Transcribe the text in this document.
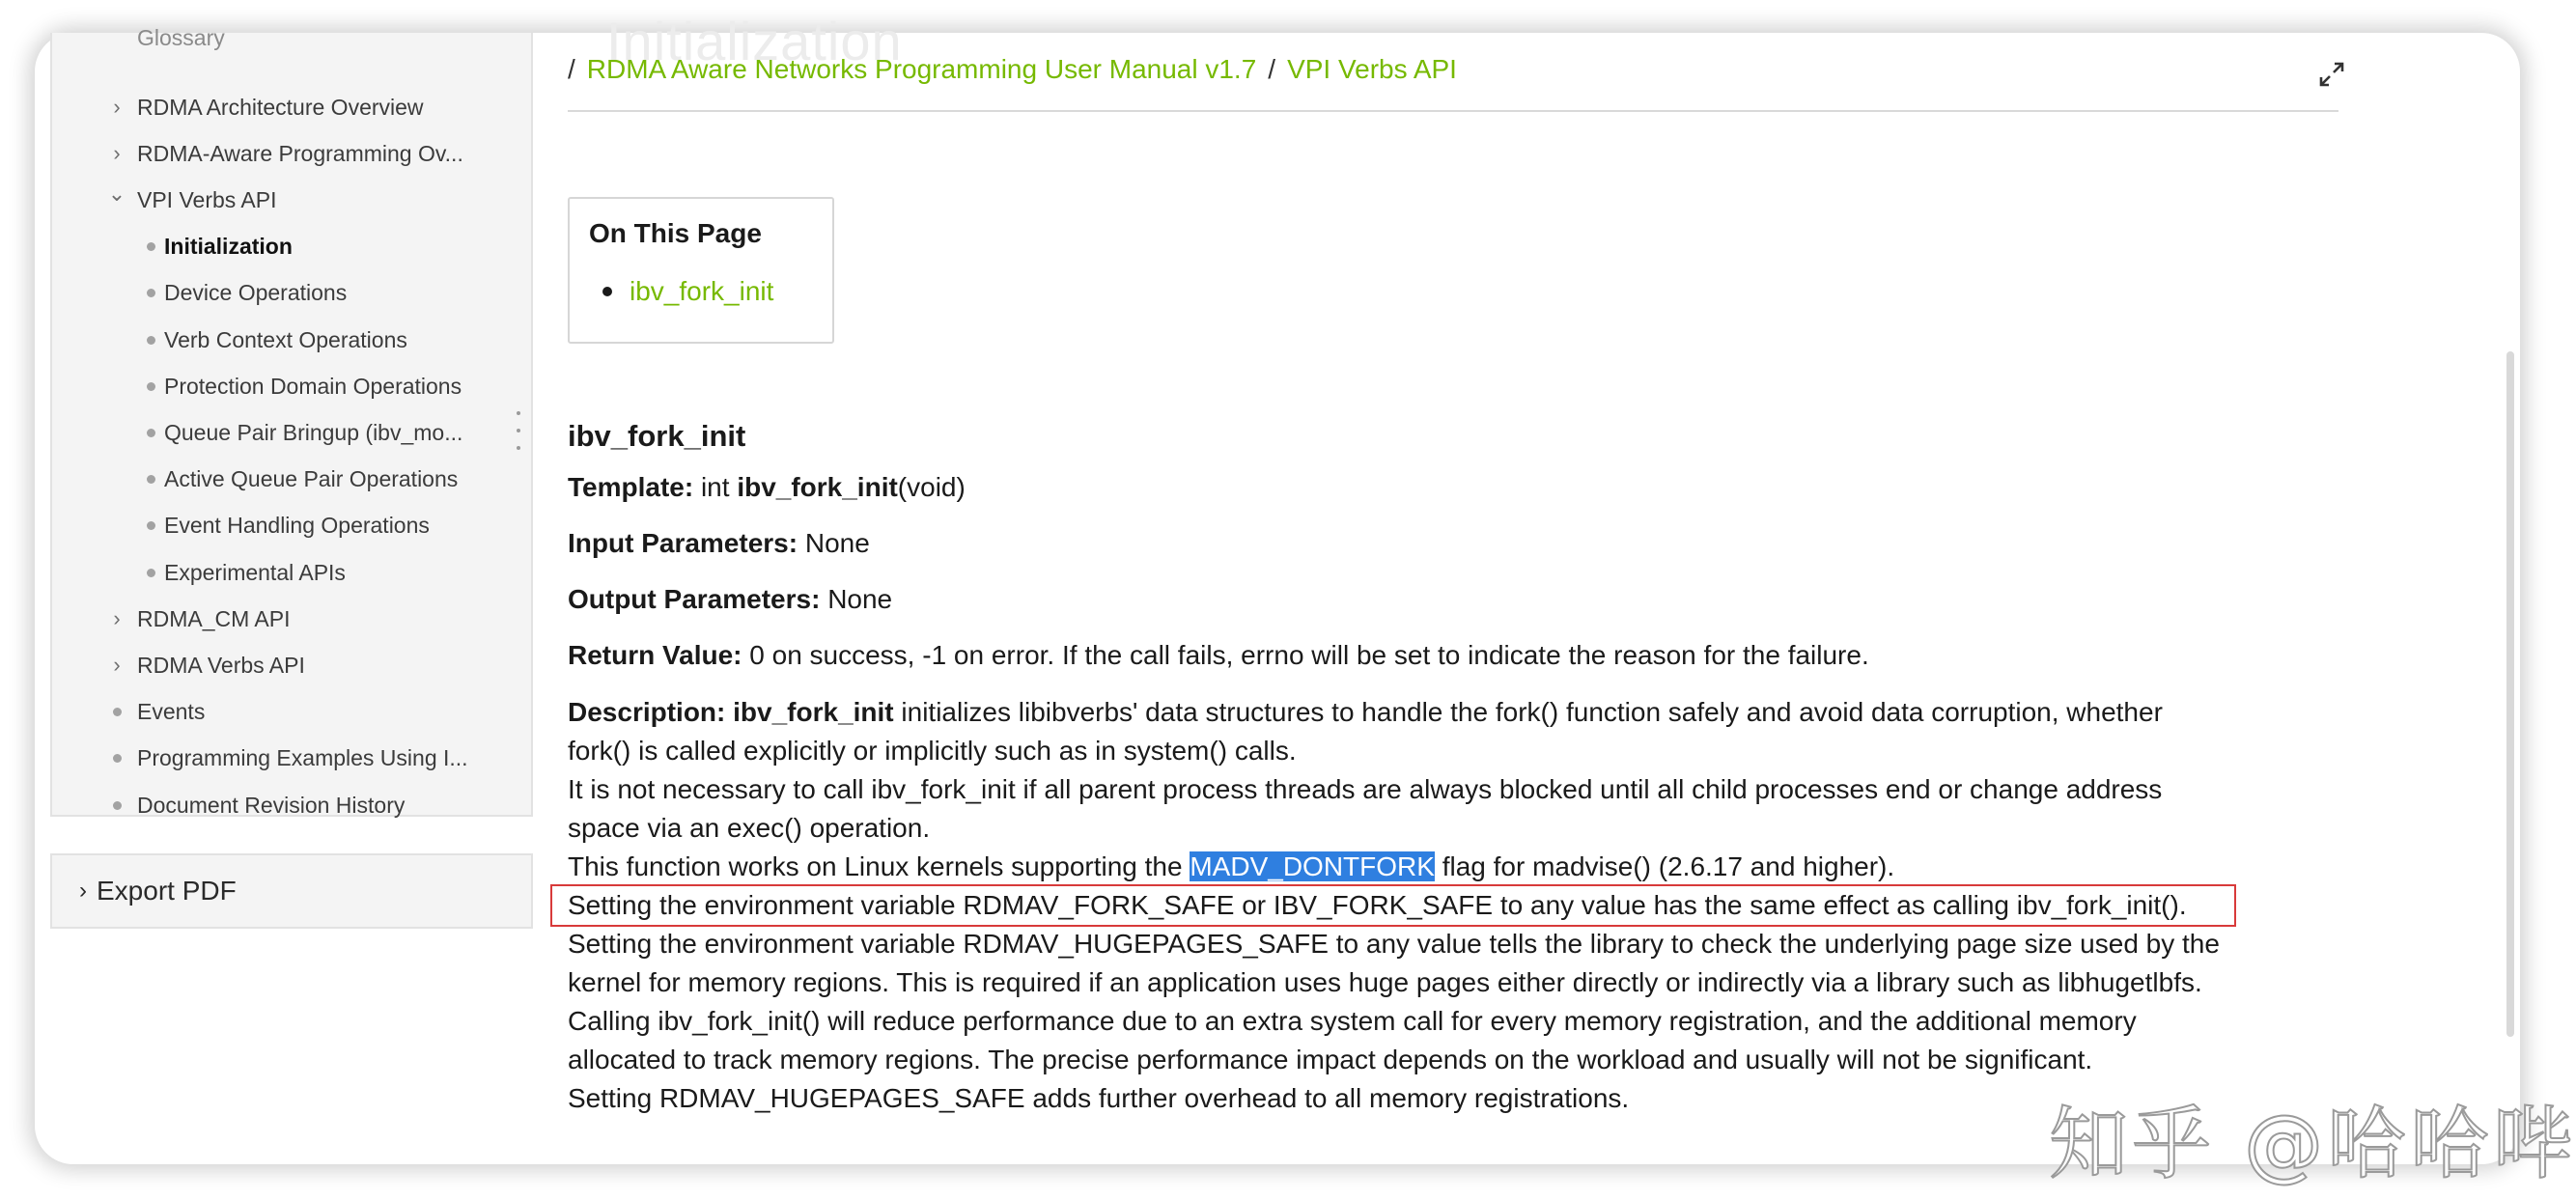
Glossary
› RDMA Architecture Overview
› RDMA-Aware Programming Ov...
⌄ VPI Verbs API
Initialization
Device Operations
Verb Context Operations
Protection Domain Operations
Queue Pair Bringup (ibv_mo...
Active Queue Pair Operations
Event Handling Operations
Experimental APIs
› RDMA_CM API
› RDMA Verbs API
Events
Programming Examples Using I...
Document Revision History
› Export PDF
Initialization
/ RDMA Aware Networks Programming User Manual v1.7 / VPI Verbs API
On This Page
ibv_fork_init
ibv_fork_init
Template: int ibv_fork_init(void)
Input Parameters: None
Output Parameters: None
Return Value: 0 on success, -1 on error. If the call fails, errno will be set to indicate the reason for the failure.

Description: ibv_fork_init initializes libibverbs' data structures to handle the fork() function safely and avoid data corruption, whether

fork() is called explicitly or implicitly such as in system() calls.

It is not necessary to call ibv_fork_init if all parent process threads are always blocked until all child processes end or change address

space via an exec() operation.

This function works on Linux kernels supporting the MADV_DONTFORK flag for madvise() (2.6.17 and higher).

Setting the environment variable RDMAV_FORK_SAFE or IBV_FORK_SAFE to any value has the same effect as calling ibv_fork_init().

Setting the environment variable RDMAV_HUGEPAGES_SAFE to any value tells the library to check the underlying page size used by the

kernel for memory regions. This is required if an application uses huge pages either directly or indirectly via a library such as libhugetlbfs.

Calling ibv_fork_init() will reduce performance due to an extra system call for every memory registration, and the additional memory

allocated to track memory regions. The precise performance impact depends on the workload and usually will not be significant.

Setting RDMAV_HUGEPAGES_SAFE adds further overhead to all memory registrations.

知乎 @哈哈哔
